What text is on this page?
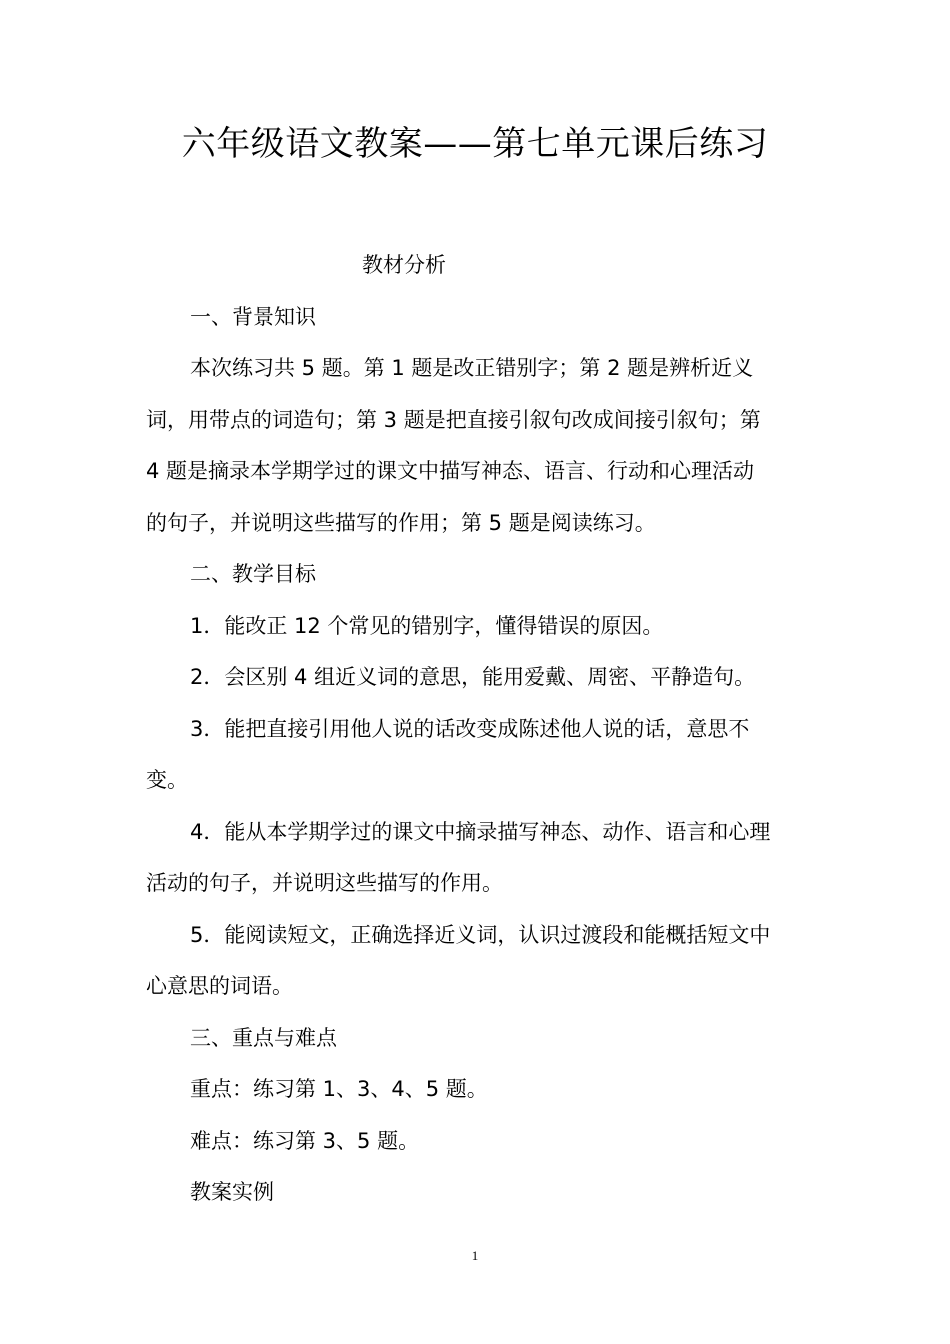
六年级语文教案——第七单元课后练习
教材分析
一、背景知识
本次练习共 5 题。第 1 题是改正错别字；第 2 题是辨析近义
词，用带点的词造句；第 3 题是把直接引叙句改成间接引叙句；第
4 题是摘录本学期学过的课文中描写神态、语言、行动和心理活动
的句子，并说明这些描写的作用；第 5 题是阅读练习。
二、教学目标
1．能改正 12 个常见的错别字，懂得错误的原因。
2．会区别 4 组近义词的意思，能用爱戴、周密、平静造句。
3．能把直接引用他人说的话改变成陈述他人说的话，意思不
变。
4．能从本学期学过的课文中摘录描写神态、动作、语言和心理
活动的句子，并说明这些描写的作用。
5．能阅读短文，正确选择近义词，认识过渡段和能概括短文中
心意思的词语。
三、重点与难点
重点：练习第 1、3、4、5 题。
难点：练习第 3、5 题。
教案实例
1
